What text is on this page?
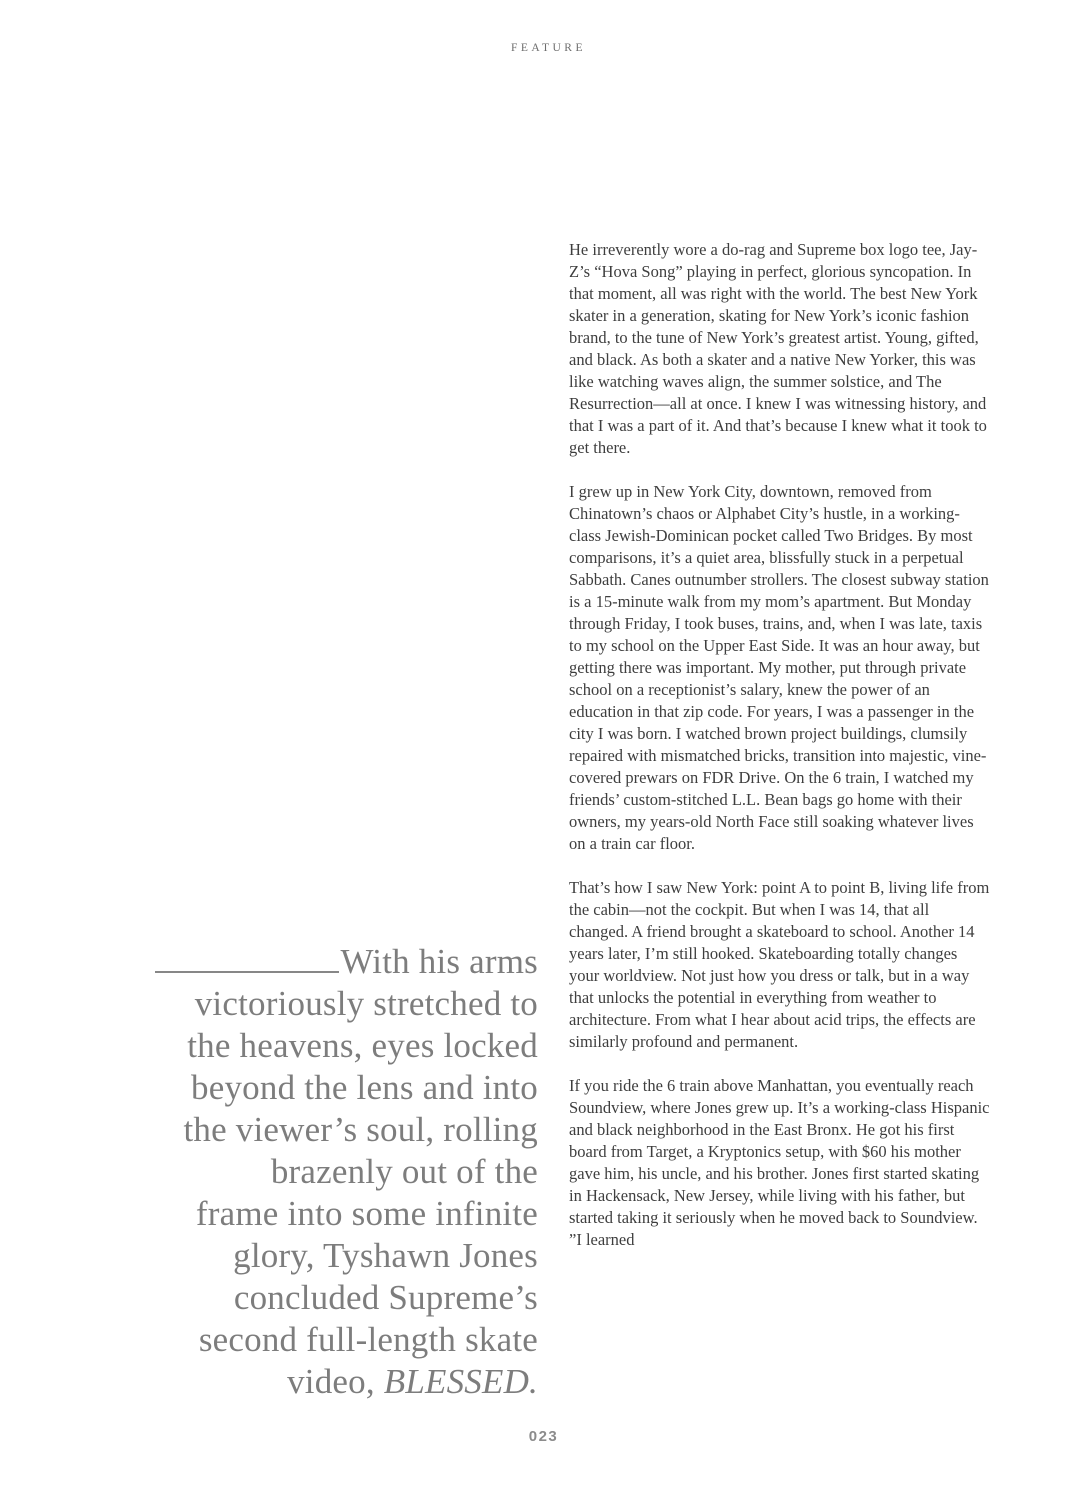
FEATURE
With his arms
victoriously stretched to
the heavens, eyes locked
beyond the lens and into
the viewer’s soul, rolling
brazenly out of the
frame into some infinite
glory, Tyshawn Jones
concluded Supreme’s
second full-length skate
video, BLESSED.

He irreverently wore a do-rag and Supreme box logo tee, Jay-Z’s “Hova Song” playing in perfect, glorious syncopation. In that moment, all was right with the world. The best New York skater in a generation, skating for New York’s iconic fashion brand, to the tune of New York’s greatest artist. Young, gifted, and black. As both a skater and a native New Yorker, this was like watching waves align, the summer solstice, and The Resurrection—all at once. I knew I was witnessing history, and that I was a part of it. And that’s because I knew what it took to get there.

I grew up in New York City, downtown, removed from Chinatown’s chaos or Alphabet City’s hustle, in a working-class Jewish-Dominican pocket called Two Bridges. By most comparisons, it’s a quiet area, blissfully stuck in a perpetual Sabbath. Canes outnumber strollers. The closest subway station is a 15-minute walk from my mom’s apartment. But Monday through Friday, I took buses, trains, and, when I was late, taxis to my school on the Upper East Side. It was an hour away, but getting there was important. My mother, put through private school on a receptionist’s salary, knew the power of an education in that zip code. For years, I was a passenger in the city I was born. I watched brown project buildings, clumsily repaired with mismatched bricks, transition into majestic, vine-covered prewars on FDR Drive. On the 6 train, I watched my friends’ custom-stitched L.L. Bean bags go home with their owners, my years-old North Face still soaking whatever lives on a train car floor.

That’s how I saw New York: point A to point B, living life from the cabin—not the cockpit. But when I was 14, that all changed. A friend brought a skateboard to school. Another 14 years later, I’m still hooked. Skateboarding totally changes your worldview. Not just how you dress or talk, but in a way that unlocks the potential in everything from weather to architecture. From what I hear about acid trips, the effects are similarly profound and permanent.

If you ride the 6 train above Manhattan, you eventually reach Soundview, where Jones grew up. It’s a working-class Hispanic and black neighborhood in the East Bronx. He got his first board from Target, a Kryptonics setup, with $60 his mother gave him, his uncle, and his brother. Jones first started skating in Hackensack, New Jersey, while living with his father, but started taking it seriously when he moved back to Soundview. ”I learned

023
